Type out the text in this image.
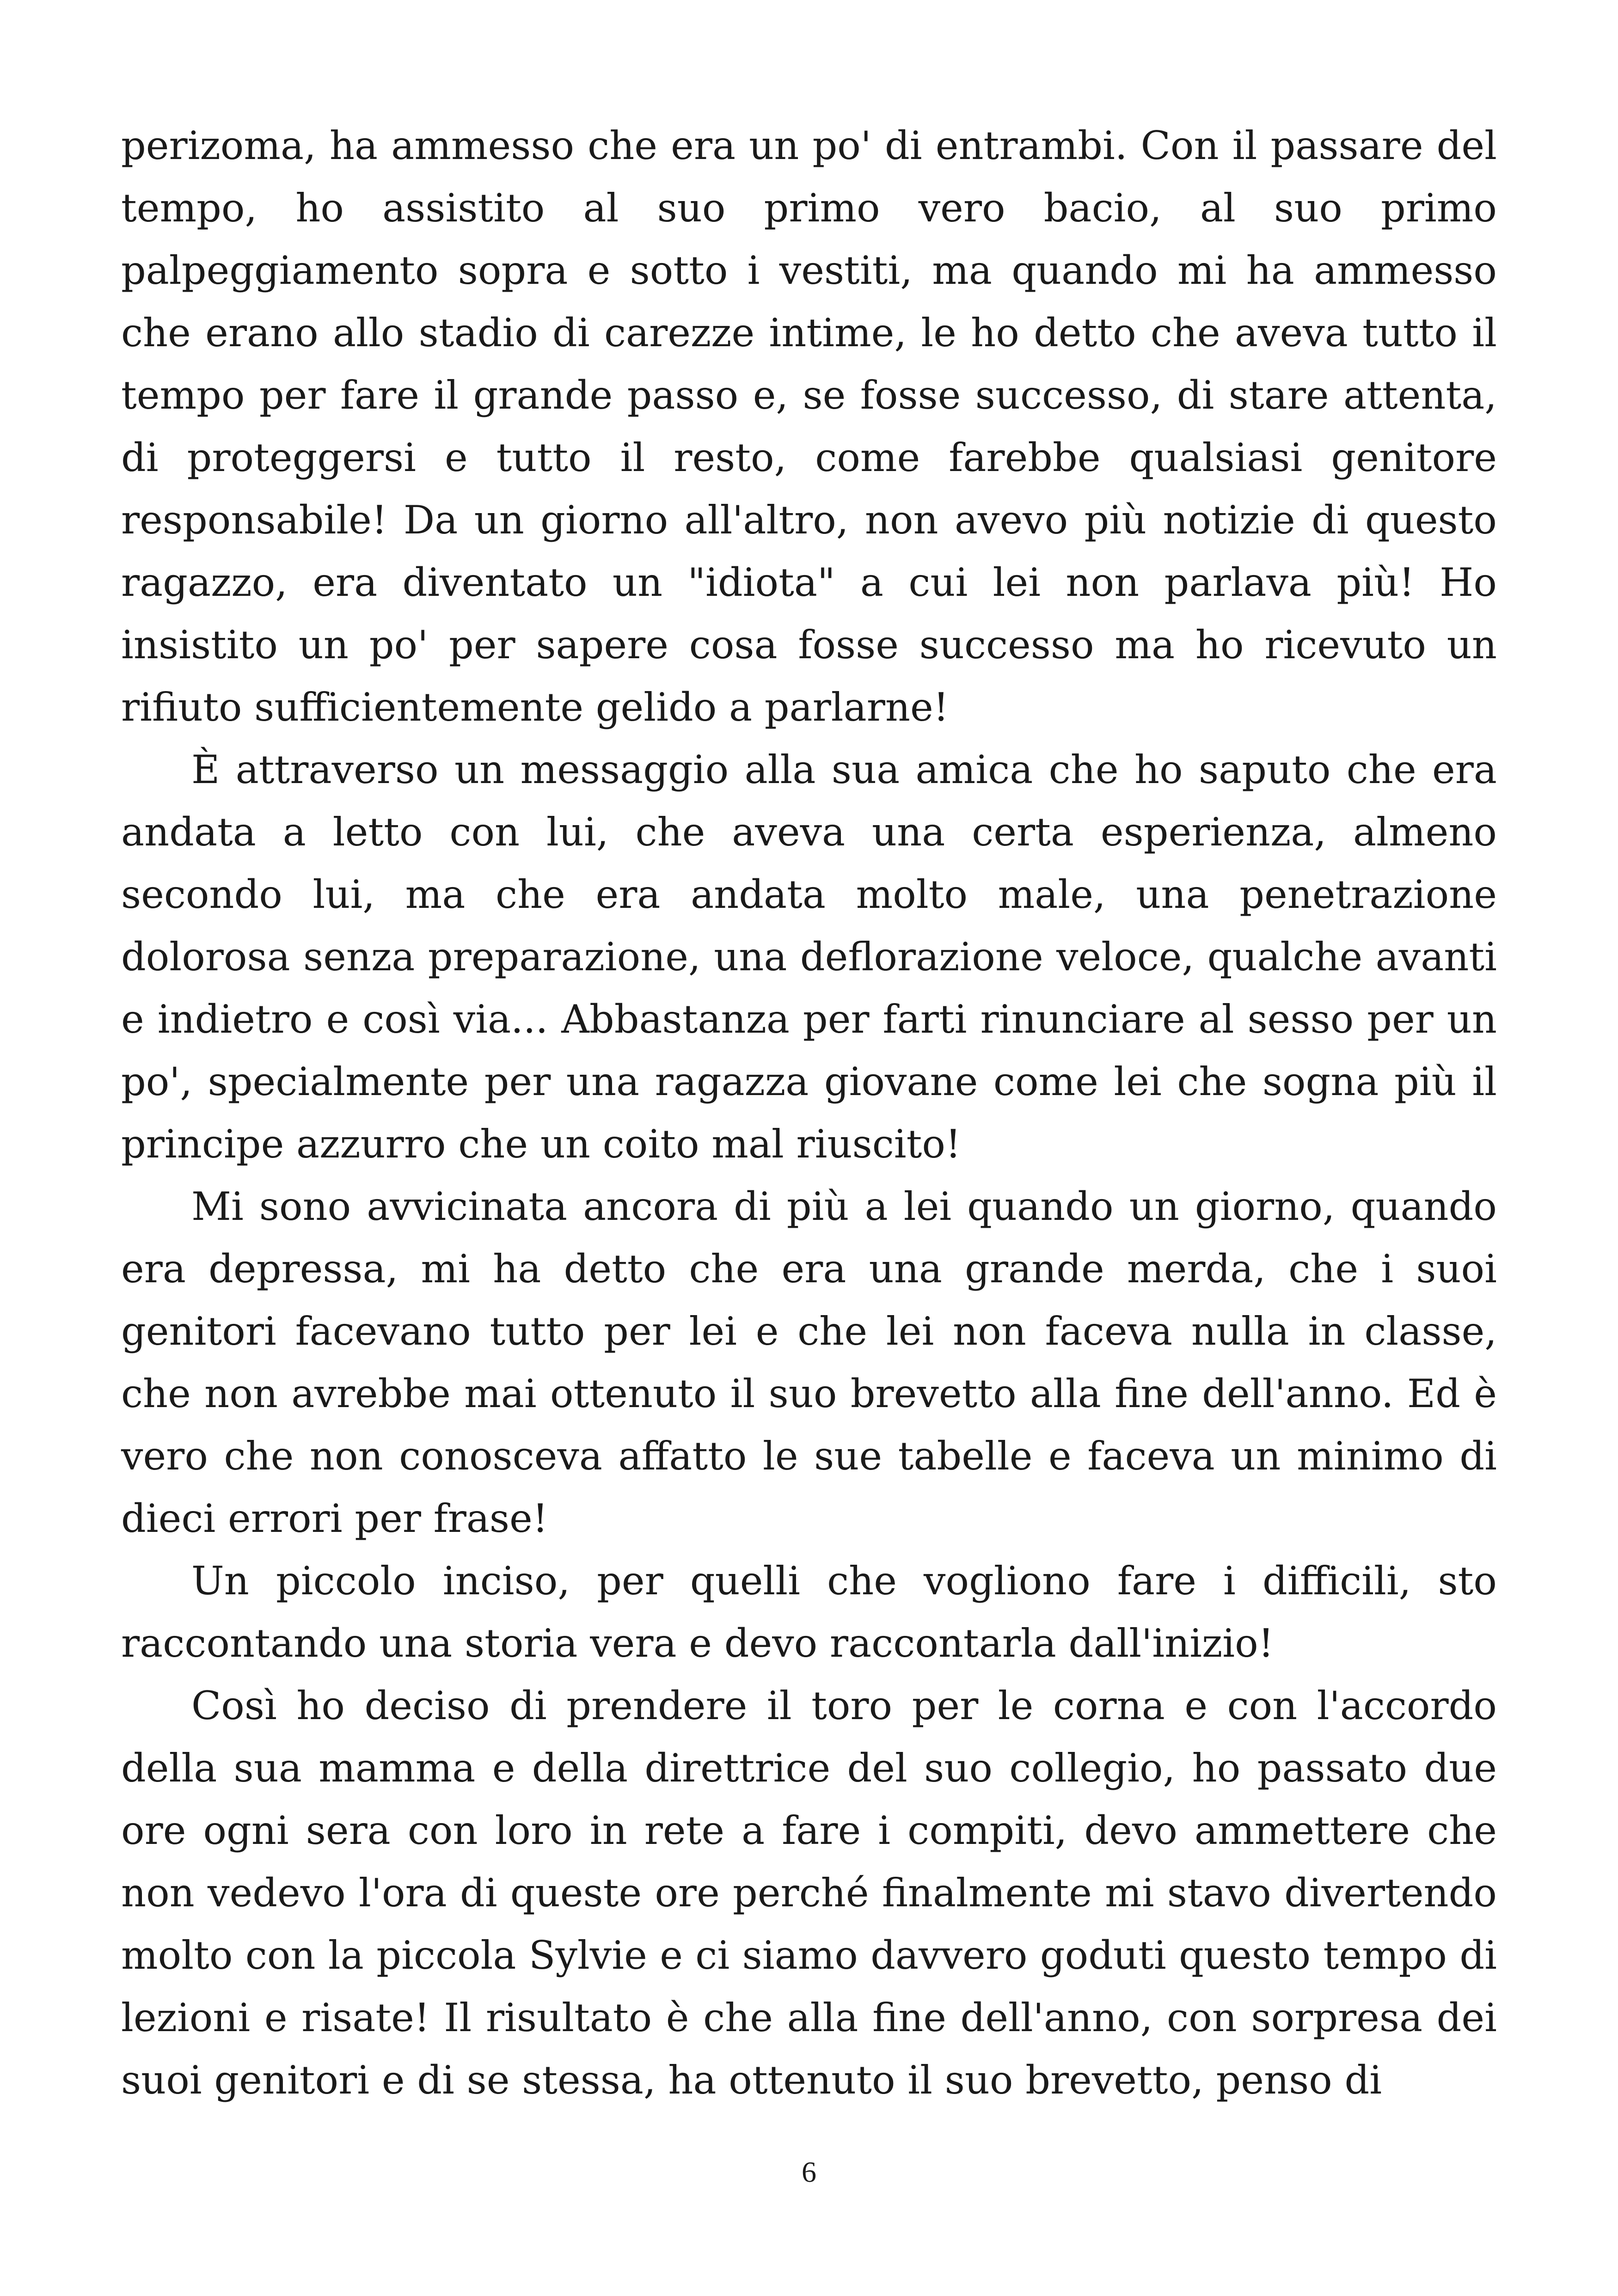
perizoma, ha ammesso che era un po' di entrambi. Con il passare del tempo, ho assistito al suo primo vero bacio, al suo primo palpeggiamento sopra e sotto i vestiti, ma quando mi ha ammesso che erano allo stadio di carezze intime, le ho detto che aveva tutto il tempo per fare il grande passo e, se fosse successo, di stare attenta, di proteggersi e tutto il resto, come farebbe qualsiasi genitore responsabile! Da un giorno all'altro, non avevo più notizie di questo ragazzo, era diventato un "idiota" a cui lei non parlava più! Ho insistito un po' per sapere cosa fosse successo ma ho ricevuto un rifiuto sufficientemente gelido a parlarne!

È attraverso un messaggio alla sua amica che ho saputo che era andata a letto con lui, che aveva una certa esperienza, almeno secondo lui, ma che era andata molto male, una penetrazione dolorosa senza preparazione, una deflorazione veloce, qualche avanti e indietro e così via... Abbastanza per farti rinunciare al sesso per un po', specialmente per una ragazza giovane come lei che sogna più il principe azzurro che un coito mal riuscito!

Mi sono avvicinata ancora di più a lei quando un giorno, quando era depressa, mi ha detto che era una grande merda, che i suoi genitori facevano tutto per lei e che lei non faceva nulla in classe, che non avrebbe mai ottenuto il suo brevetto alla fine dell'anno. Ed è vero che non conosceva affatto le sue tabelle e faceva un minimo di dieci errori per frase!

Un piccolo inciso, per quelli che vogliono fare i difficili, sto raccontando una storia vera e devo raccontarla dall'inizio!

Così ho deciso di prendere il toro per le corna e con l'accordo della sua mamma e della direttrice del suo collegio, ho passato due ore ogni sera con loro in rete a fare i compiti, devo ammettere che non vedevo l'ora di queste ore perché finalmente mi stavo divertendo molto con la piccola Sylvie e ci siamo davvero goduti questo tempo di lezioni e risate! Il risultato è che alla fine dell'anno, con sorpresa dei suoi genitori e di se stessa, ha ottenuto il suo brevetto, penso di

6
